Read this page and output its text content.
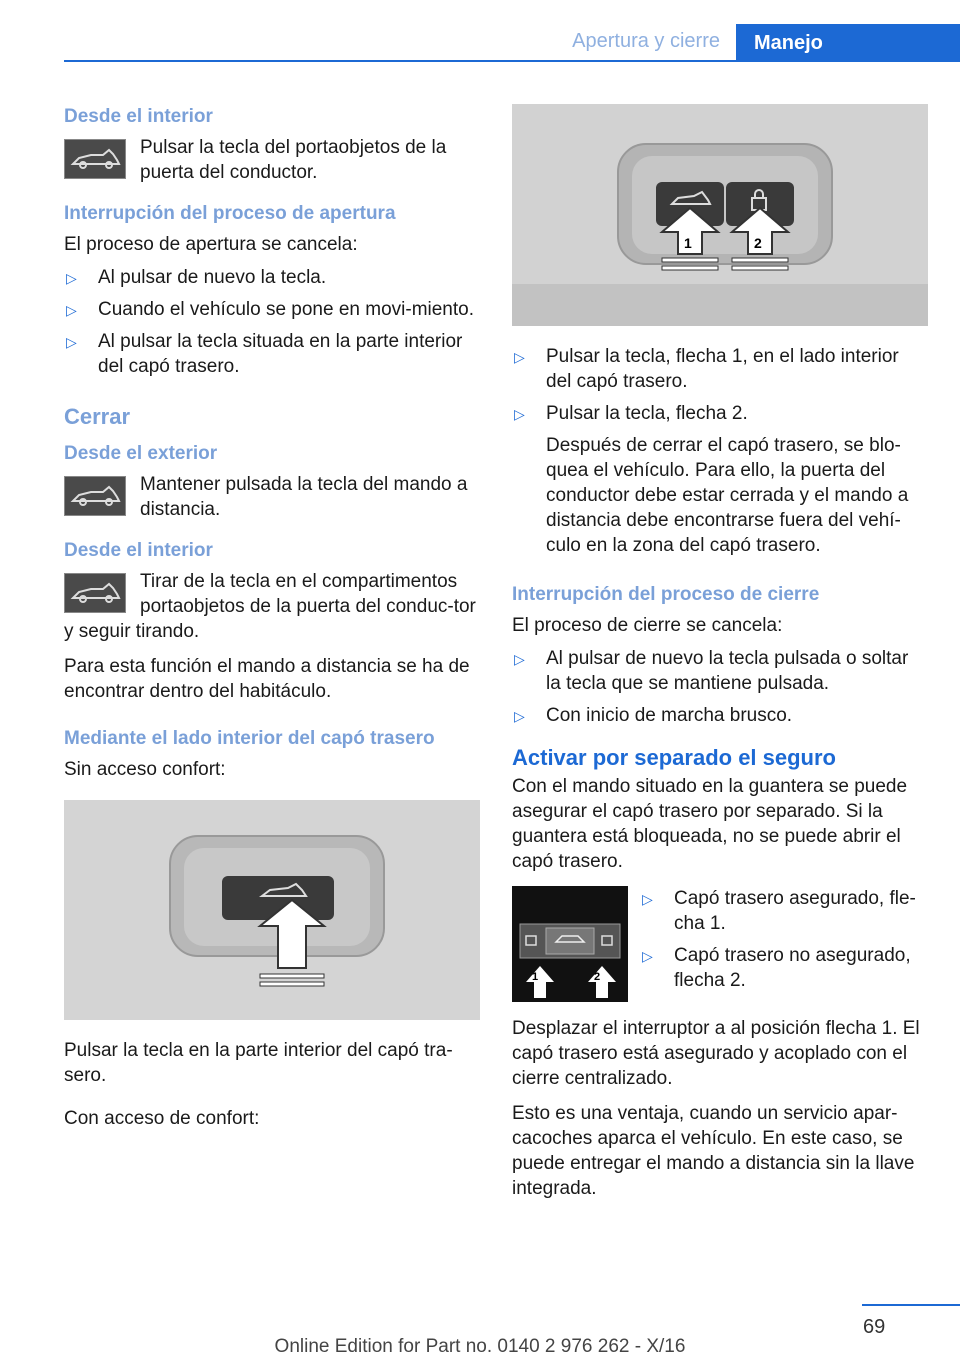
Apertura y cierre	Manejo
Desde el interior
Pulsar la tecla del portaobjetos de la puerta del conductor.
Interrupción del proceso de apertura

El proceso de apertura se cancela:

▷ Al pulsar de nuevo la tecla.
▷ Cuando el vehículo se pone en movi‐miento.
▷ Al pulsar la tecla situada en la parte interior del capó trasero.
Cerrar
Desde el exterior
Mantener pulsada la tecla del mando a distancia.
Desde el interior
Tirar de la tecla en el compartimentos portaobjetos de la puerta del conduc‐tor y seguir tirando.

Para esta función el mando a distancia se ha de encontrar dentro del habitáculo.

Mediante el lado interior del capó trasero

Sin acceso confort:

Pulsar la tecla en la parte interior del capó tra‐sero.

Con acceso de confort:

1	2
▷ Pulsar la tecla, flecha 1, en el lado interior del capó trasero.
▷ Pulsar la tecla, flecha 2.

Después de cerrar el capó trasero, se blo‐quea el vehículo. Para ello, la puerta del conductor debe estar cerrada y el mando a distancia debe encontrarse fuera del vehí‐culo en la zona del capó trasero.

Interrupción del proceso de cierre

El proceso de cierre se cancela:

▷ Al pulsar de nuevo la tecla pulsada o soltar la tecla que se mantiene pulsada.
▷ Con inicio de marcha brusco.
Activar por separado el seguro

Con el mando situado en la guantera se puede asegurar el capó trasero por separado. Si la guantera está bloqueada, no se puede abrir el capó trasero.

1	2
▷ Capó trasero asegurado, fle‐cha 1.
▷ Capó trasero no asegurado, flecha 2.

Desplazar el interruptor a al posición flecha 1. El capó trasero está asegurado y acoplado con el cierre centralizado.

Esto es una ventaja, cuando un servicio apar‐cacoches aparca el vehículo. En este caso, se puede entregar el mando a distancia sin la llave integrada.

69
Online Edition for Part no. 0140 2 976 262 - X/16
